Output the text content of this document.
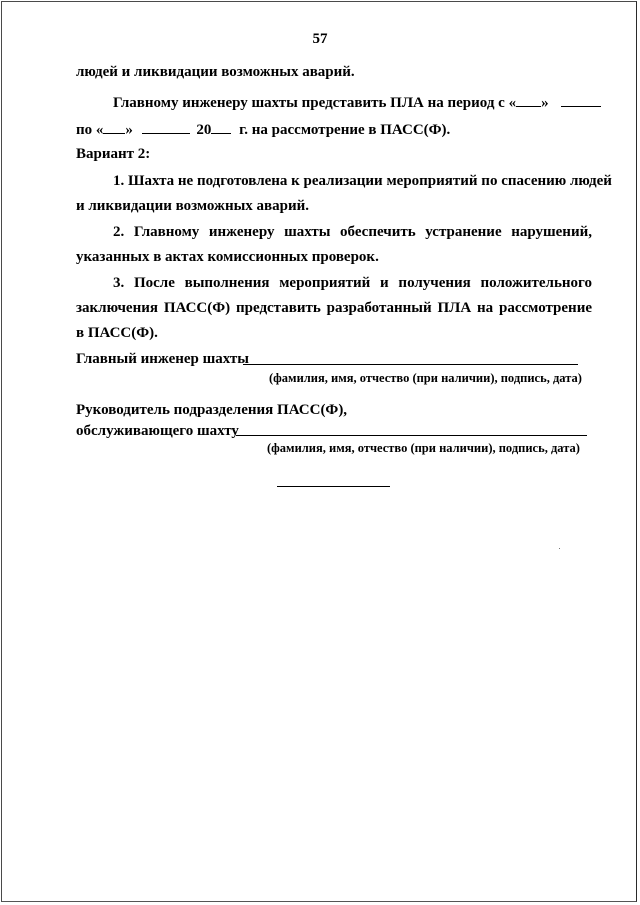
57
людей и ликвидации возможных аварий.
Главному инженеру шахты представить ПЛА на период с « »
по « »	20 г. на рассмотрение в ПАСС(Ф).
Вариант 2:
1. Шахта не подготовлена к реализации мероприятий по спасению людей
и ликвидации возможных аварий.
2. Главному инженеру шахты обеспечить устранение нарушений,
указанных в актах комиссионных проверок.
3. После выполнения мероприятий и получения положительного
заключения ПАСС(Ф) представить разработанный ПЛА на рассмотрение
в ПАСС(Ф).
Главный инженер шахты
(фамилия, имя, отчество (при наличии), подпись, дата)
Руководитель подразделения ПАСС(Ф),
обслуживающего шахту
(фамилия, имя, отчество (при наличии), подпись, дата)
